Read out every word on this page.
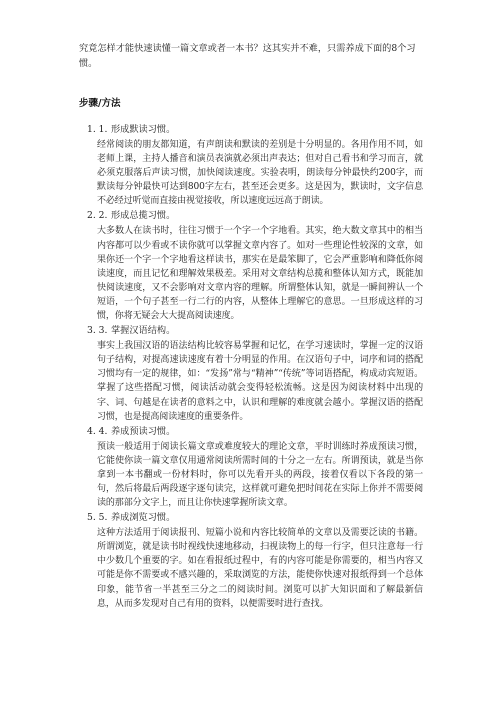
究竟怎样才能快速读懂一篇文章或者一本书？这其实并不难，只需养成下面的8个习惯。

步骤/方法

1. 1. 形成默读习惯。

经常阅读的朋友都知道，有声朗读和默读的差别是十分明显的。各用作用不同，如老师上课，主持人播音和演员表演就必须出声表达；但对自己看书和学习而言，就必须克服落后声读习惯，加快阅读速度。实验表明，朗读每分钟最快约200字，而默读每分钟最快可达到800字左右，甚至还会更多。这是因为，默读时，文字信息不必经过听觉而直接由视觉接收，所以速度远远高于朗读。

2. 2. 形成总揽习惯。

大多数人在读书时，往往习惯于一个字一个字地看。其实，绝大数文章其中的相当内容都可以少看或不读你就可以掌握文章内容了。如对一些理论性较深的文章，如果你还一个字一个字地看这样读书，那实在是最笨脚了，它会严重影响和降低你阅读速度，而且记忆和理解效果极差。采用对文章结构总揽和整体认知方式，既能加快阅读速度，又不会影响对文章内容的理解。所谓整体认知，就是一瞬间辨认一个短语，一个句子甚至一行二行的内容，从整体上理解它的意思。一旦形成这样的习惯，你将无疑会大大提高阅读速度。

3. 3. 掌握汉语结构。

事实上我国汉语的语法结构比较容易掌握和记忆，在学习速读时，掌握一定的汉语句子结构，对提高速读速度有着十分明显的作用。在汉语句子中，词序和词的搭配习惯均有一定的规律，如：“发扬”常与“精神”“传统”等词语搭配，构成动宾短语。掌握了这些搭配习惯，阅读活动就会变得轻松流畅。这是因为阅读材料中出现的字、词、句越是在读者的意料之中，认识和理解的难度就会越小。掌握汉语的搭配习惯，也是提高阅读速度的重要条件。

4. 4. 养成预读习惯。

预读一般适用于阅读长篇文章或难度较大的理论文章，平时训练时养成预读习惯，它能使你读一篇文章仅用通常阅读所需时间的十分之一左右。所谓预读，就是当你拿到一本书翻或一份材料时，你可以先看开头的两段，接着仅看以下各段的第一句，然后将最后两段逐字逐句读完，这样就可避免把时间花在实际上你并不需要阅读的那部分文字上，而且让你快速掌握所读文章。

5. 5. 养成浏览习惯。

这种方法适用于阅读报刊、短篇小说和内容比较简单的文章以及需要泛读的书籍。所谓浏览，就是读书时视线快速地移动，扫视读物上的每一行字，但只注意每一行中少数几个重要的字。如在看报纸过程中，有的内容可能是你需要的，相当内容又可能是你不需要或不感兴趣的，采取浏览的方法，能使你快速对报纸得到一个总体印象，能节省一半甚至三分之二的阅读时间。浏览可以扩大知识面和了解最新信息，从而多发现对自己有用的资料，以便需要时进行查找。
